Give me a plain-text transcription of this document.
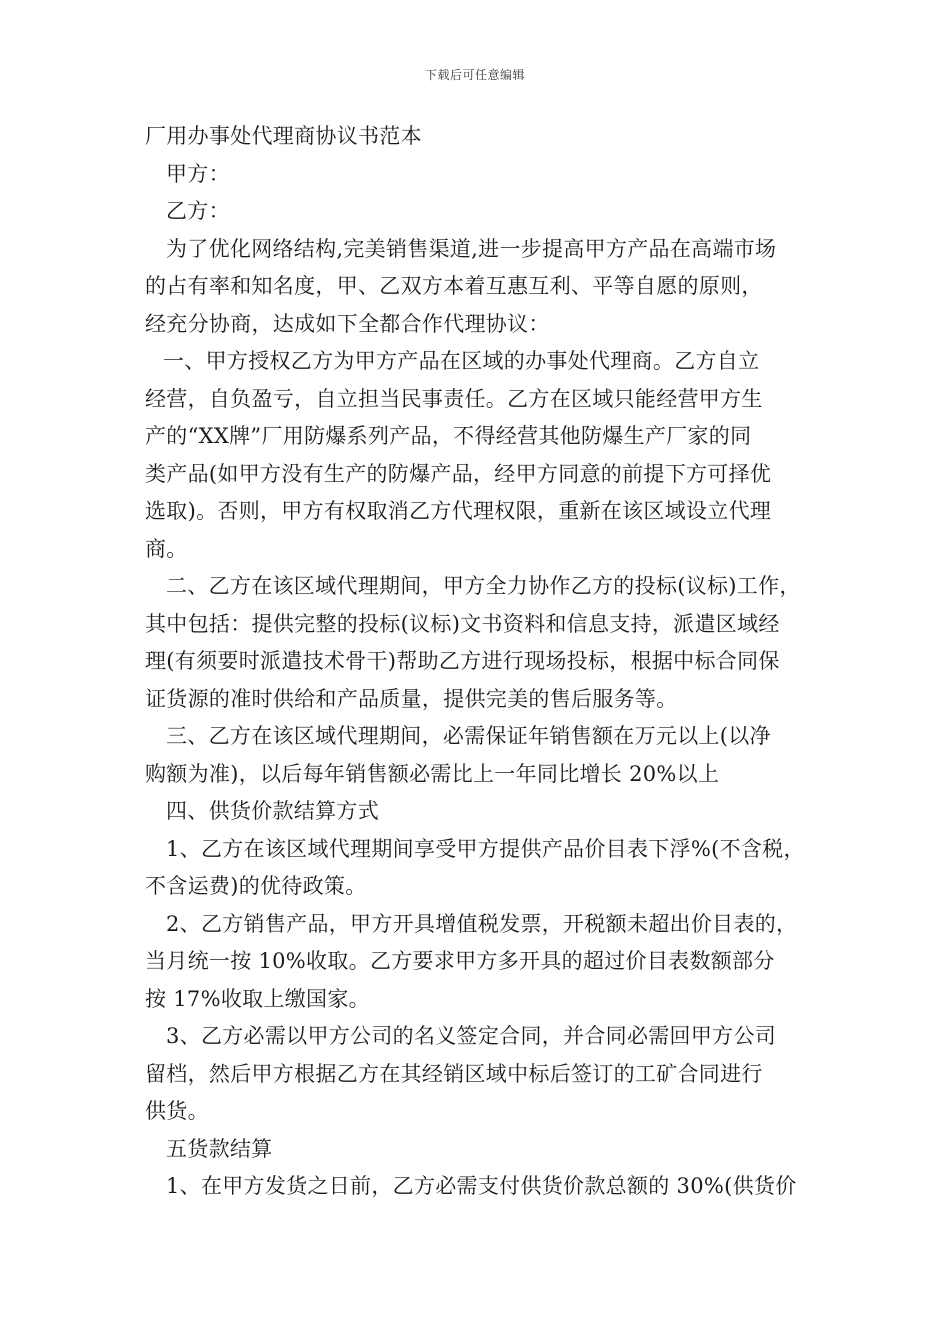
下载后可任意编辑
厂用办事处代理商协议书范本
甲方：
乙方：
为了优化网络结构,完美销售渠道,进一步提高甲方产品在高端市场
的占有率和知名度，甲、乙双方本着互惠互利、平等自愿的原则，
经充分协商，达成如下全都合作代理协议：
一、甲方授权乙方为甲方产品在区域的办事处代理商。乙方自立
经营，自负盈亏，自立担当民事责任。乙方在区域只能经营甲方生
产的“XX牌”厂用防爆系列产品，不得经营其他防爆生产厂家的同
类产品(如甲方没有生产的防爆产品，经甲方同意的前提下方可择优
选取)。否则，甲方有权取消乙方代理权限，重新在该区域设立代理
商。
二、乙方在该区域代理期间，甲方全力协作乙方的投标(议标)工作，
其中包括：提供完整的投标(议标)文书资料和信息支持，派遣区域经
理(有须要时派遣技术骨干)帮助乙方进行现场投标，根据中标合同保
证货源的准时供给和产品质量，提供完美的售后服务等。
三、乙方在该区域代理期间，必需保证年销售额在万元以上(以净
购额为准)，以后每年销售额必需比上一年同比增长 20%以上
四、供货价款结算方式
1、乙方在该区域代理期间享受甲方提供产品价目表下浮%(不含税，
不含运费)的优待政策。
2、乙方销售产品，甲方开具增值税发票，开税额未超出价目表的，
当月统一按 10%收取。乙方要求甲方多开具的超过价目表数额部分
按 17%收取上缴国家。
3、乙方必需以甲方公司的名义签定合同，并合同必需回甲方公司
留档，然后甲方根据乙方在其经销区域中标后签订的工矿合同进行
供货。
五货款结算
1、在甲方发货之日前，乙方必需支付供货价款总额的 30%(供货价
